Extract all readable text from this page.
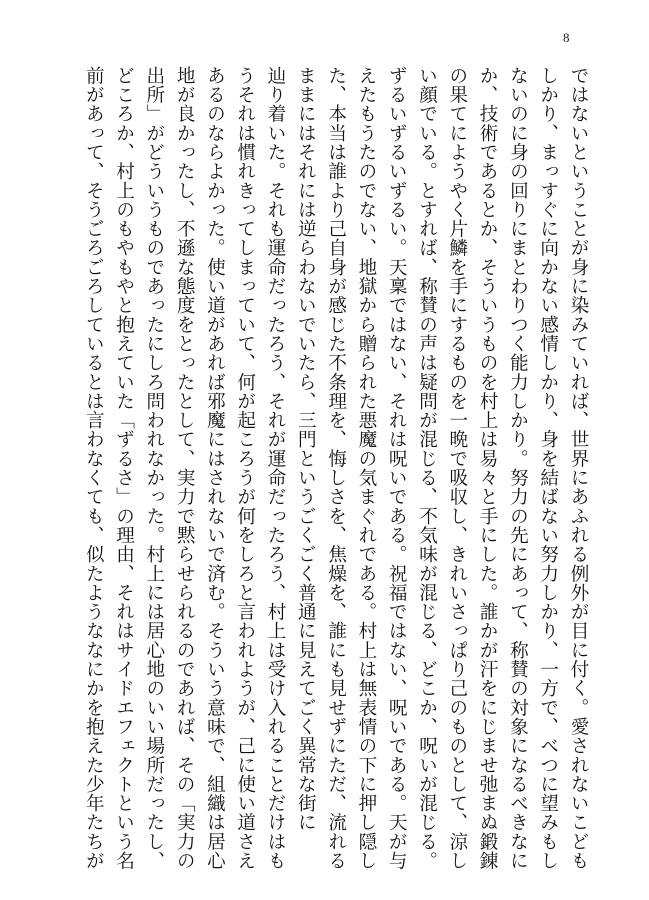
8
ではないということが身に染みていれば、世界にあふれる例外が目に付く。愛されないこども
しかり、まっすぐに向かない感情しかり、身を結ばない努力しかり、一方で、べつに望みもし
ないのに身の回りにまとわりつく能力しかり。努力の先にあって、称賛の対象になるべきなに
か、技術であるとか、そういうものを村上は易々と手にした。誰かが汗をにじませ弛まぬ鍛錬
の果てにようやく片鱗を手にするものを一晩で吸収し、きれいさっぱり己のものとして、涼し
い顔でいる。とすれば、称賛の声は疑問が混じる、不気味が混じる、どこか、呪いが混じる。
ずるいずるいずるい。天稟ではない、それは呪いである。祝福ではない、呪いである。天が与
えたもうたのでない、地獄から贈られた悪魔の気まぐれである。村上は無表情の下に押し隠し
た、本当は誰より己自身が感じた不条理を、悔しさを、焦燥を、誰にも見せずにただ、流れる
ままにはそれには逆らわないでいたら、三門というごくごく普通に見えてごく異常な街に
辿り着いた。それも運命だったろう、それが運命だったろう、村上は受け入れることだけはも
うそれは慣れきってしまっていて、何が起ころうが何をしろと言われようが、己に使い道さえ
あるのならよかった。使い道があれば邪魔にはされないで済む。そういう意味で、組織は居心
地が良かったし、不遜な態度をとったとして、実力で黙らせられるのであれば、その「実力の
出所」がどういうものであったにしろ問われなかった。村上には居心地のいい場所だったし、
どころか、村上のもやもやと抱えていた「ずるさ」の理由、それはサイドエフェクトという名
前があって、そうごろごろしているとは言わなくても、似たようななにかを抱えた少年たちが
